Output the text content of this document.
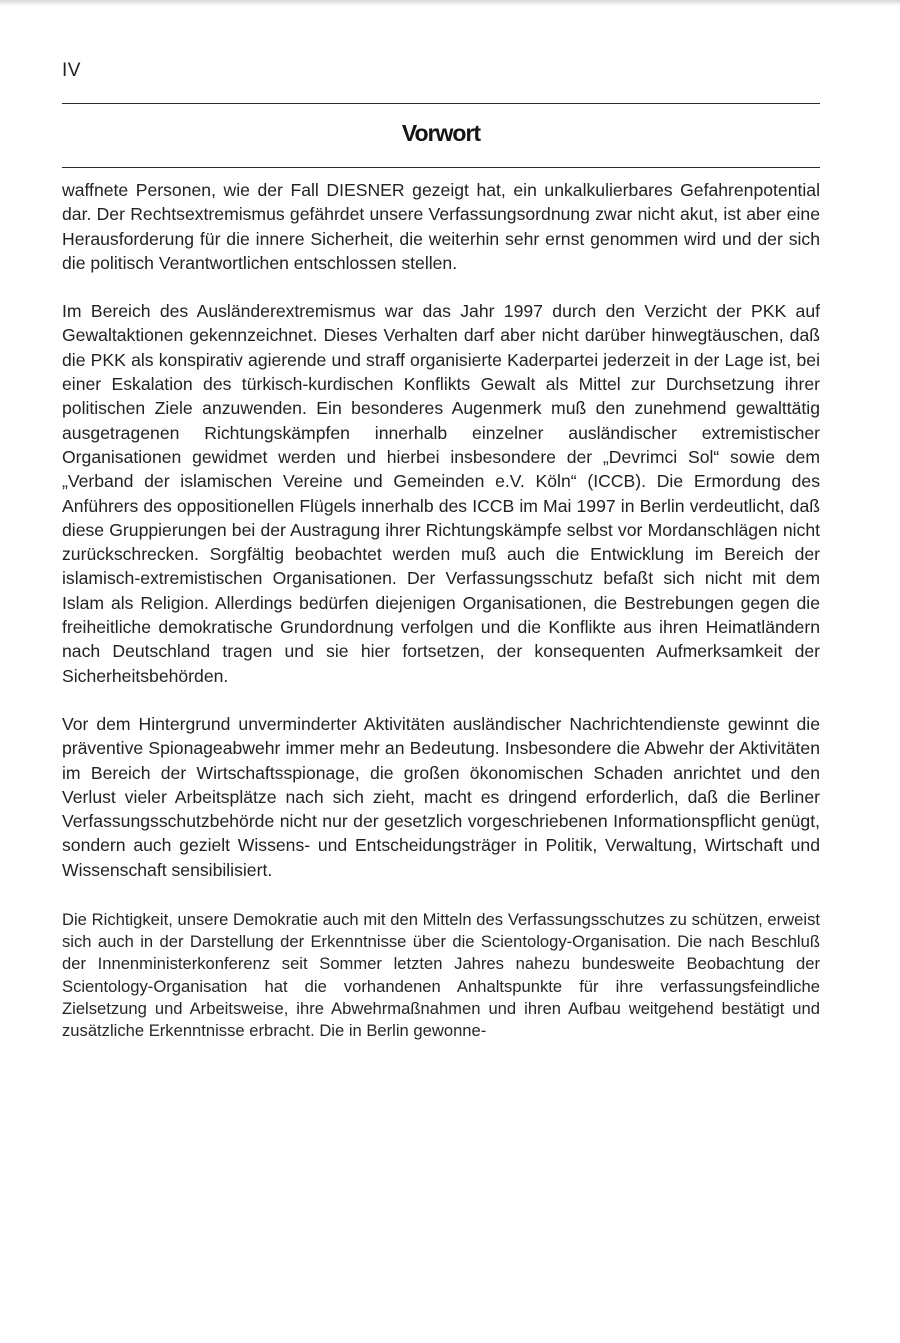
IV
Vorwort

waffnete Personen, wie der Fall DIESNER gezeigt hat, ein unkalkulierbares Gefahrenpotential dar. Der Rechtsextremismus gefährdet unsere Verfassungsordnung zwar nicht akut, ist aber eine Herausforderung für die innere Sicherheit, die weiterhin sehr ernst genommen wird und der sich die politisch Verantwortlichen entschlossen stellen.

Im Bereich des Ausländerextremismus war das Jahr 1997 durch den Verzicht der PKK auf Gewaltaktionen gekennzeichnet. Dieses Verhalten darf aber nicht darüber hinwegtäuschen, daß die PKK als konspirativ agierende und straff organisierte Kaderpartei jederzeit in der Lage ist, bei einer Eskalation des türkisch-kurdischen Konflikts Gewalt als Mittel zur Durchsetzung ihrer politischen Ziele anzuwenden. Ein besonderes Augenmerk muß den zunehmend gewalttätig ausgetragenen Richtungskämpfen innerhalb einzelner ausländischer extremistischer Organisationen gewidmet werden und hierbei insbesondere der „Devrimci Sol“ sowie dem „Verband der islamischen Vereine und Gemeinden e.V. Köln“ (ICCB). Die Ermordung des Anführers des oppositionellen Flügels innerhalb des ICCB im Mai 1997 in Berlin verdeutlicht, daß diese Gruppierungen bei der Austragung ihrer Richtungskämpfe selbst vor Mordanschlägen nicht zurückschrecken. Sorgfältig beobachtet werden muß auch die Entwicklung im Bereich der islamisch-extremistischen Organisationen. Der Verfassungsschutz befaßt sich nicht mit dem Islam als Religion. Allerdings bedürfen diejenigen Organisationen, die Bestrebungen gegen die freiheitliche demokratische Grundordnung verfolgen und die Konflikte aus ihren Heimatländern nach Deutschland tragen und sie hier fortsetzen, der konsequenten Aufmerksamkeit der Sicherheitsbehörden.

Vor dem Hintergrund unverminderter Aktivitäten ausländischer Nachrichtendienste gewinnt die präventive Spionageabwehr immer mehr an Bedeutung. Insbesondere die Abwehr der Aktivitäten im Bereich der Wirtschaftsspionage, die großen ökonomischen Schaden anrichtet und den Verlust vieler Arbeitsplätze nach sich zieht, macht es dringend erforderlich, daß die Berliner Verfassungsschutzbehörde nicht nur der gesetzlich vorgeschriebenen Informationspflicht genügt, sondern auch gezielt Wissens- und Entscheidungsträger in Politik, Verwaltung, Wirtschaft und Wissenschaft sensibilisiert.

Die Richtigkeit, unsere Demokratie auch mit den Mitteln des Verfassungsschutzes zu schützen, erweist sich auch in der Darstellung der Erkenntnisse über die Scientology-Organisation. Die nach Beschluß der Innenministerkonferenz seit Sommer letzten Jahres nahezu bundesweite Beobachtung der Scientology-Organisation hat die vorhandenen Anhaltspunkte für ihre verfassungsfeindliche Zielsetzung und Arbeitsweise, ihre Abwehrmaßnahmen und ihren Aufbau weitgehend bestätigt und zusätzliche Erkenntnisse erbracht. Die in Berlin gewonne-
